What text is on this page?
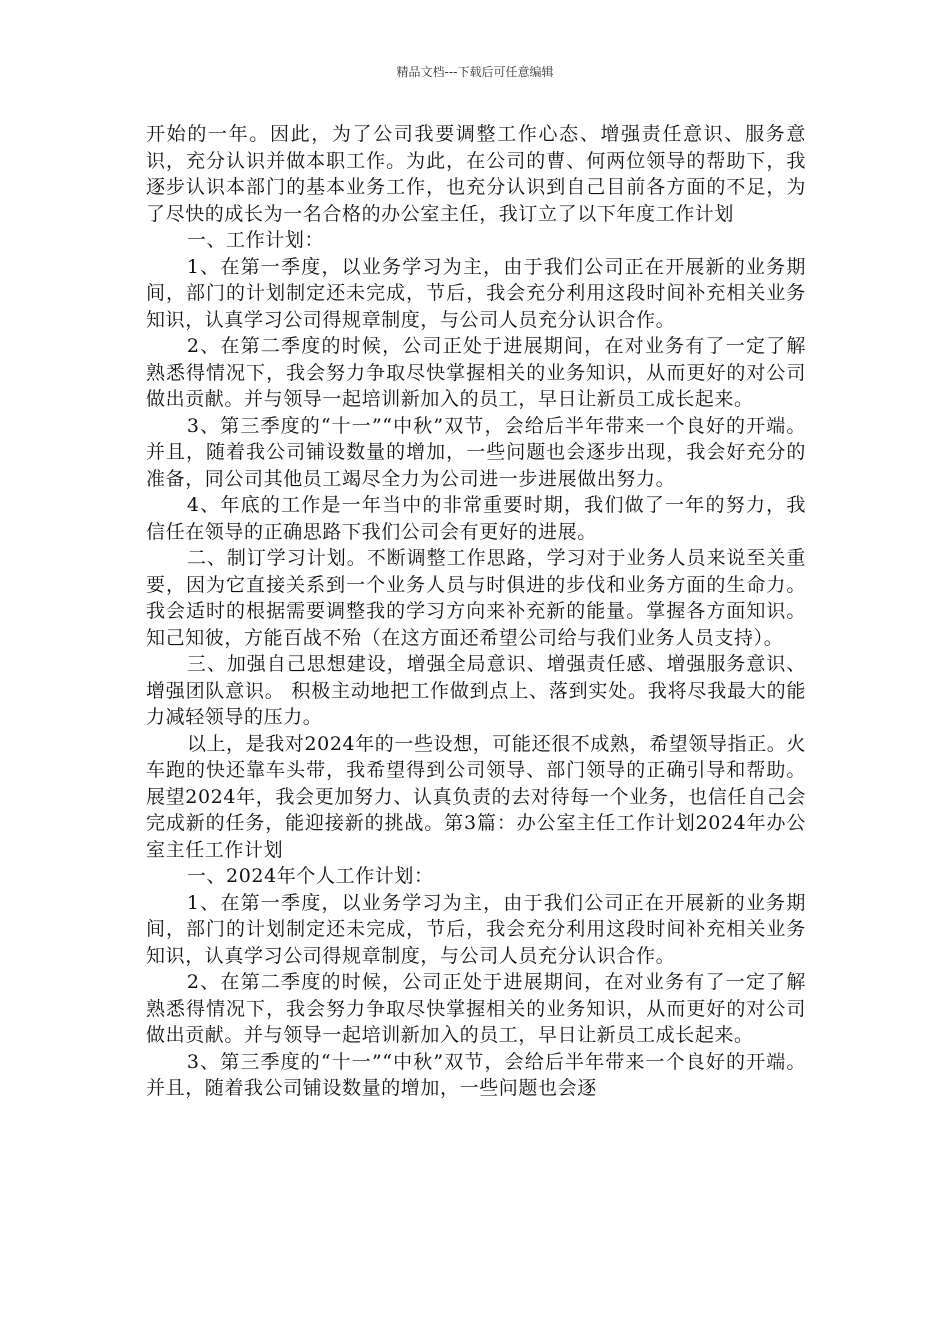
精品文档---下载后可任意编辑

开始的一年。因此，为了公司我要调整工作心态、增强责任意识、服务意识，充分认识并做本职工作。为此，在公司的曹、何两位领导的帮助下，我逐步认识本部门的基本业务工作，也充分认识到自己目前各方面的不足，为了尽快的成长为一名合格的办公室主任，我订立了以下年度工作计划

一、工作计划：

1、在第一季度，以业务学习为主，由于我们公司正在开展新的业务期间，部门的计划制定还未完成，节后，我会充分利用这段时间补充相关业务知识，认真学习公司得规章制度，与公司人员充分认识合作。

2、在第二季度的时候，公司正处于进展期间，在对业务有了一定了解熟悉得情况下，我会努力争取尽快掌握相关的业务知识，从而更好的对公司做出贡献。并与领导一起培训新加入的员工，早日让新员工成长起来。

3、第三季度的“十一”“中秋”双节，会给后半年带来一个良好的开端。并且，随着我公司铺设数量的增加，一些问题也会逐步出现，我会好充分的准备，同公司其他员工竭尽全力为公司进一步进展做出努力。

4、年底的工作是一年当中的非常重要时期，我们做了一年的努力，我信任在领导的正确思路下我们公司会有更好的进展。

二、制订学习计划。不断调整工作思路，学习对于业务人员来说至关重要，因为它直接关系到一个业务人员与时俱进的步伐和业务方面的生命力。我会适时的根据需要调整我的学习方向来补充新的能量。掌握各方面知识。知己知彼，方能百战不殆（在这方面还希望公司给与我们业务人员支持）。

三、加强自己思想建设，增强全局意识、增强责任感、增强服务意识、增强团队意识。 积极主动地把工作做到点上、落到实处。我将尽我最大的能力减轻领导的压力。

以上，是我对2024年的一些设想，可能还很不成熟，希望领导指正。火车跑的快还靠车头带，我希望得到公司领导、部门领导的正确引导和帮助。展望2024年，我会更加努力、认真负责的去对待每一个业务，也信任自己会完成新的任务，能迎接新的挑战。第3篇：办公室主任工作计划2024年办公室主任工作计划

一、2024年个人工作计划：

1、在第一季度，以业务学习为主，由于我们公司正在开展新的业务期间，部门的计划制定还未完成，节后，我会充分利用这段时间补充相关业务知识，认真学习公司得规章制度，与公司人员充分认识合作。

2、在第二季度的时候，公司正处于进展期间，在对业务有了一定了解熟悉得情况下，我会努力争取尽快掌握相关的业务知识，从而更好的对公司做出贡献。并与领导一起培训新加入的员工，早日让新员工成长起来。

3、第三季度的“十一”“中秋”双节，会给后半年带来一个良好的开端。并且，随着我公司铺设数量的增加，一些问题也会逐
